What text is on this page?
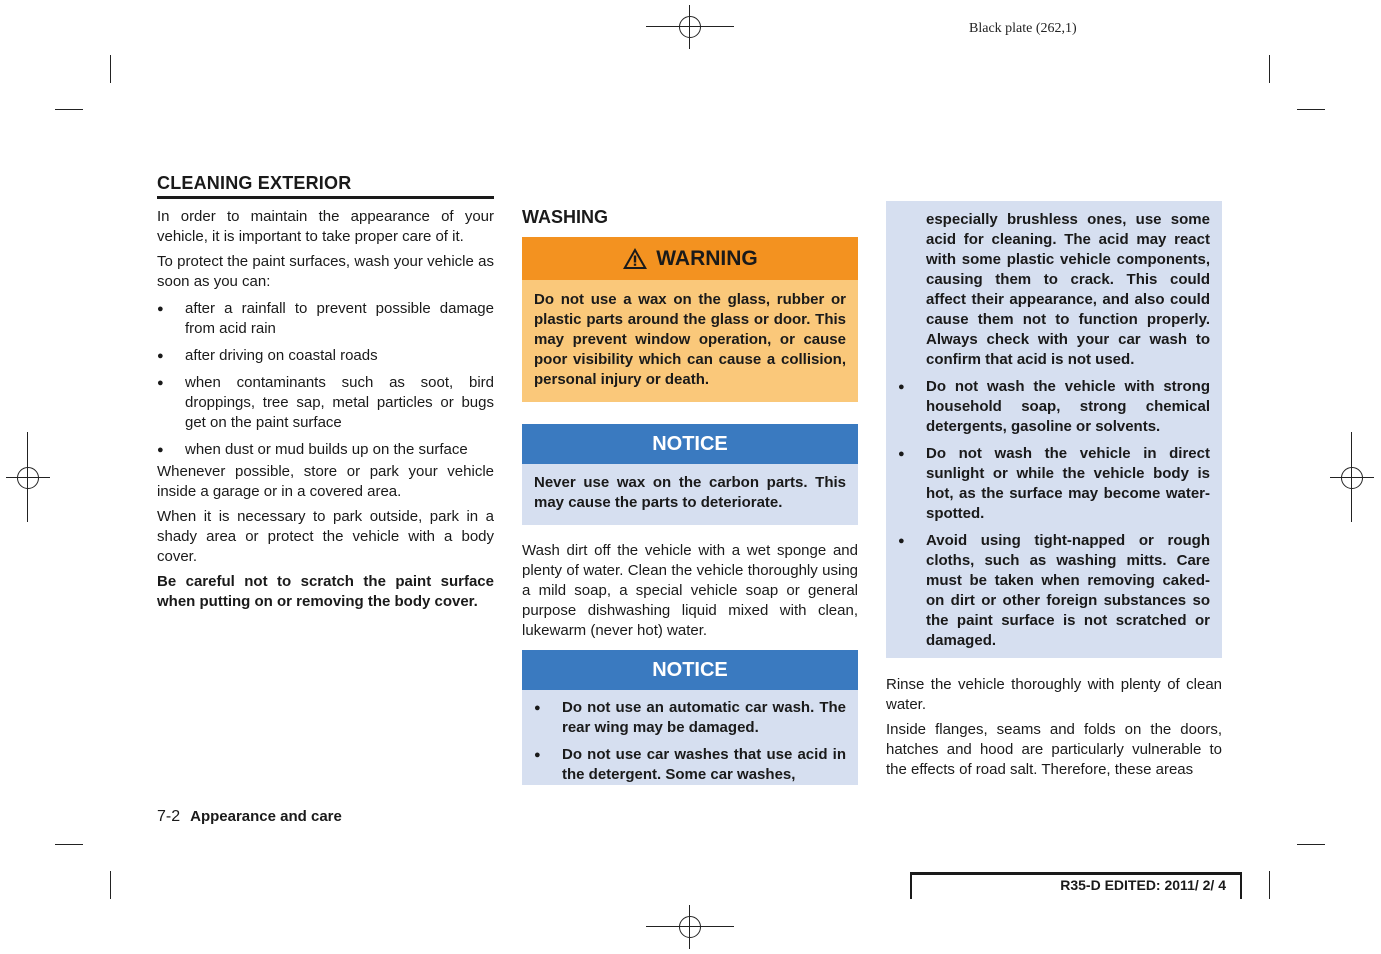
Black plate (262,1)
CLEANING EXTERIOR
In order to maintain the appearance of your vehicle, it is important to take proper care of it.
To protect the paint surfaces, wash your vehicle as soon as you can:
● after a rainfall to prevent possible damage from acid rain
● after driving on coastal roads
● when contaminants such as soot, bird droppings, tree sap, metal particles or bugs get on the paint surface
● when dust or mud builds up on the surface
Whenever possible, store or park your vehicle inside a garage or in a covered area.
When it is necessary to park outside, park in a shady area or protect the vehicle with a body cover.
Be careful not to scratch the paint surface when putting on or removing the body cover.
WASHING
WARNING
Do not use a wax on the glass, rubber or plastic parts around the glass or door. This may prevent window operation, or cause poor visibility which can cause a collision, personal injury or death.
NOTICE
Never use wax on the carbon parts. This may cause the parts to deteriorate.
Wash dirt off the vehicle with a wet sponge and plenty of water. Clean the vehicle thoroughly using a mild soap, a special vehicle soap or general purpose dishwashing liquid mixed with clean, lukewarm (never hot) water.
NOTICE
● Do not use an automatic car wash. The rear wing may be damaged.
● Do not use car washes that use acid in the detergent. Some car washes,
especially brushless ones, use some acid for cleaning. The acid may react with some plastic vehicle components, causing them to crack. This could affect their appearance, and also could cause them not to function properly. Always check with your car wash to confirm that acid is not used.
● Do not wash the vehicle with strong household soap, strong chemical detergents, gasoline or solvents.
● Do not wash the vehicle in direct sunlight or while the vehicle body is hot, as the surface may become water-spotted.
● Avoid using tight-napped or rough cloths, such as washing mitts. Care must be taken when removing caked-on dirt or other foreign substances so the paint surface is not scratched or damaged.
Rinse the vehicle thoroughly with plenty of clean water.
Inside flanges, seams and folds on the doors, hatches and hood are particularly vulnerable to the effects of road salt. Therefore, these areas
7-2 Appearance and care
R35-D EDITED: 2011/ 2/ 4
